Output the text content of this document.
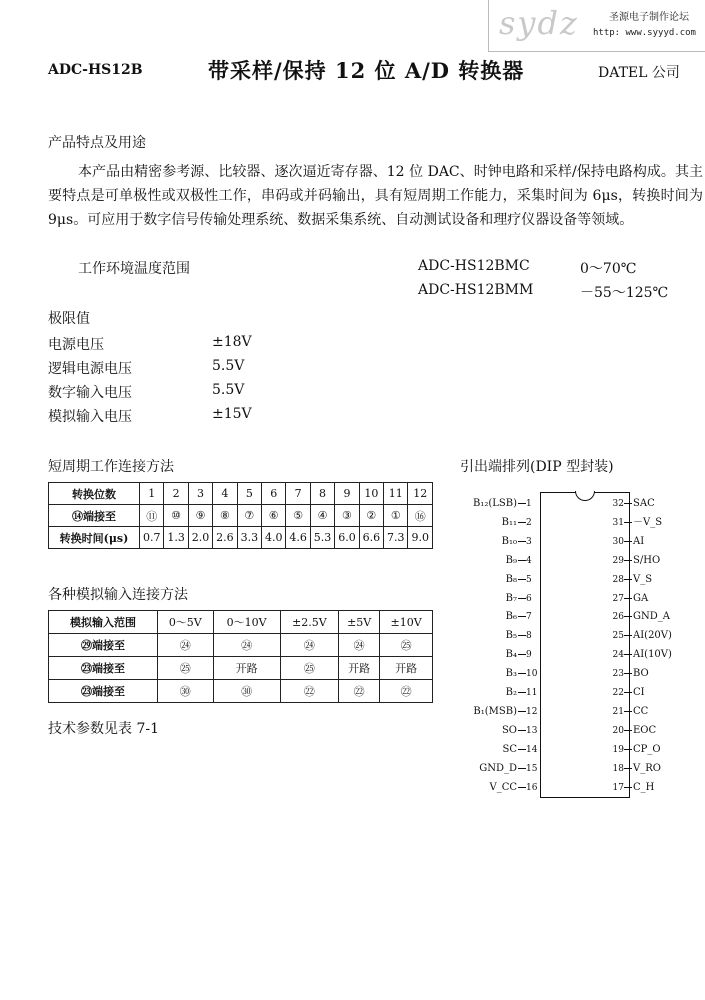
sydz	圣源电子制作论坛
http: www.syyyd.com
ADC-HS12B	带采样/保持 12 位 A/D 转换器	DATEL 公司
产品特点及用途
本产品由精密参考源、比较器、逐次逼近寄存器、12 位 DAC、时钟电路和采样/保持电路构成。其主要特点是可单极性或双极性工作，串码或并码输出，具有短周期工作能力，采集时间为 6μs，转换时间为 9μs。可应用于数字信号传输处理系统、数据采集系统、自动测试设备和理疗仪器设备等领域。
工作环境温度范围	ADC-HS12BMC	0～70℃
ADC-HS12BMM	－55～125℃
极限值
电源电压	±18V
逻辑电源电压	5.5V
数字输入电压	5.5V
模拟输入电压	±15V
短周期工作连接方法
转换位数	1	2	3	4	5	6	7	8	9	10	11	12
⑭端接至	⑪	⑩	⑨	⑧	⑦	⑥	⑤	④	③	②	①	⑯
转换时间(μs)	0.7	1.3	2.0	2.6	3.3	4.0	4.6	5.3	6.0	6.6	7.3	9.0
各种模拟输入连接方法
模拟输入范围	0～5V	0～10V	±2.5V	±5V	±10V
㉙端接至	㉔	㉔	㉔	㉔	㉕
㉓端接至	㉕	开路	㉕	开路	开路
㉓端接至	㉚	㉚	㉒	㉒	㉒
技术参数见表 7-1
引出端排列(DIP 型封装)
B₁₂(LSB) 1
B₁₁ 2
B₁₀ 3
B₉ 4
B₈ 5
B₇ 6
B₆ 7
B₅ 8
B₄ 9
B₃ 10
B₂ 11
B₁(MSB) 12
SO 13
SC 14
GND_D 15
V_CC 16
32 SAC
31 －V_S
30 AI
29 S/HO
28 V_S
27 GA
26 GND_A
25 AI(20V)
24 AI(10V)
23 BO
22 CI
21 CC
20 EOC
19 CP_O
18 V_RO
17 C_H
